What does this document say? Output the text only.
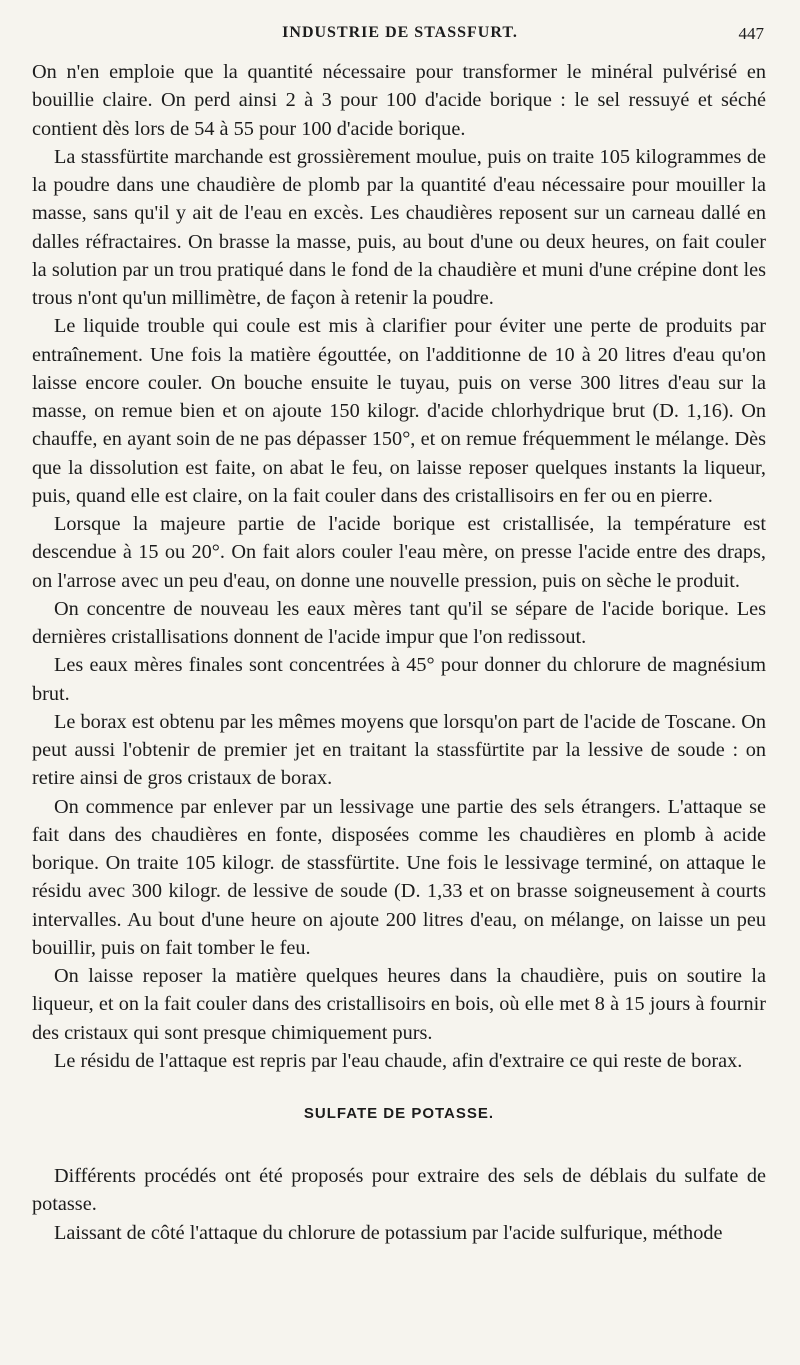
INDUSTRIE DE STASSFURT.	447

On n'en emploie que la quantité nécessaire pour transformer le minéral pulvérisé en bouillie claire. On perd ainsi 2 à 3 pour 100 d'acide borique : le sel ressuyé et séché contient dès lors de 54 à 55 pour 100 d'acide borique.

La stassfürtite marchande est grossièrement moulue, puis on traite 105 kilogrammes de la poudre dans une chaudière de plomb par la quantité d'eau nécessaire pour mouiller la masse, sans qu'il y ait de l'eau en excès. Les chaudières reposent sur un carneau dallé en dalles réfractaires. On brasse la masse, puis, au bout d'une ou deux heures, on fait couler la solution par un trou pratiqué dans le fond de la chaudière et muni d'une crépine dont les trous n'ont qu'un millimètre, de façon à retenir la poudre.

Le liquide trouble qui coule est mis à clarifier pour éviter une perte de produits par entraînement. Une fois la matière égouttée, on l'additionne de 10 à 20 litres d'eau qu'on laisse encore couler. On bouche ensuite le tuyau, puis on verse 300 litres d'eau sur la masse, on remue bien et on ajoute 150 kilogr. d'acide chlorhydrique brut (D. 1,16). On chauffe, en ayant soin de ne pas dépasser 150°, et on remue fréquemment le mélange. Dès que la dissolution est faite, on abat le feu, on laisse reposer quelques instants la liqueur, puis, quand elle est claire, on la fait couler dans des cristallisoirs en fer ou en pierre.

Lorsque la majeure partie de l'acide borique est cristallisée, la température est descendue à 15 ou 20°. On fait alors couler l'eau mère, on presse l'acide entre des draps, on l'arrose avec un peu d'eau, on donne une nouvelle pression, puis on sèche le produit.

On concentre de nouveau les eaux mères tant qu'il se sépare de l'acide borique. Les dernières cristallisations donnent de l'acide impur que l'on redissout.

Les eaux mères finales sont concentrées à 45° pour donner du chlorure de magnésium brut.

Le borax est obtenu par les mêmes moyens que lorsqu'on part de l'acide de Toscane. On peut aussi l'obtenir de premier jet en traitant la stassfürtite par la lessive de soude : on retire ainsi de gros cristaux de borax.

On commence par enlever par un lessivage une partie des sels étrangers. L'attaque se fait dans des chaudières en fonte, disposées comme les chaudières en plomb à acide borique. On traite 105 kilogr. de stassfürtite. Une fois le lessivage terminé, on attaque le résidu avec 300 kilogr. de lessive de soude (D. 1,33 et on brasse soigneusement à courts intervalles. Au bout d'une heure on ajoute 200 litres d'eau, on mélange, on laisse un peu bouillir, puis on fait tomber le feu.

On laisse reposer la matière quelques heures dans la chaudière, puis on soutire la liqueur, et on la fait couler dans des cristallisoirs en bois, où elle met 8 à 15 jours à fournir des cristaux qui sont presque chimiquement purs.

Le résidu de l'attaque est repris par l'eau chaude, afin d'extraire ce qui reste de borax.

SULFATE DE POTASSE.

Différents procédés ont été proposés pour extraire des sels de déblais du sulfate de potasse.

Laissant de côté l'attaque du chlorure de potassium par l'acide sulfurique, méthode
